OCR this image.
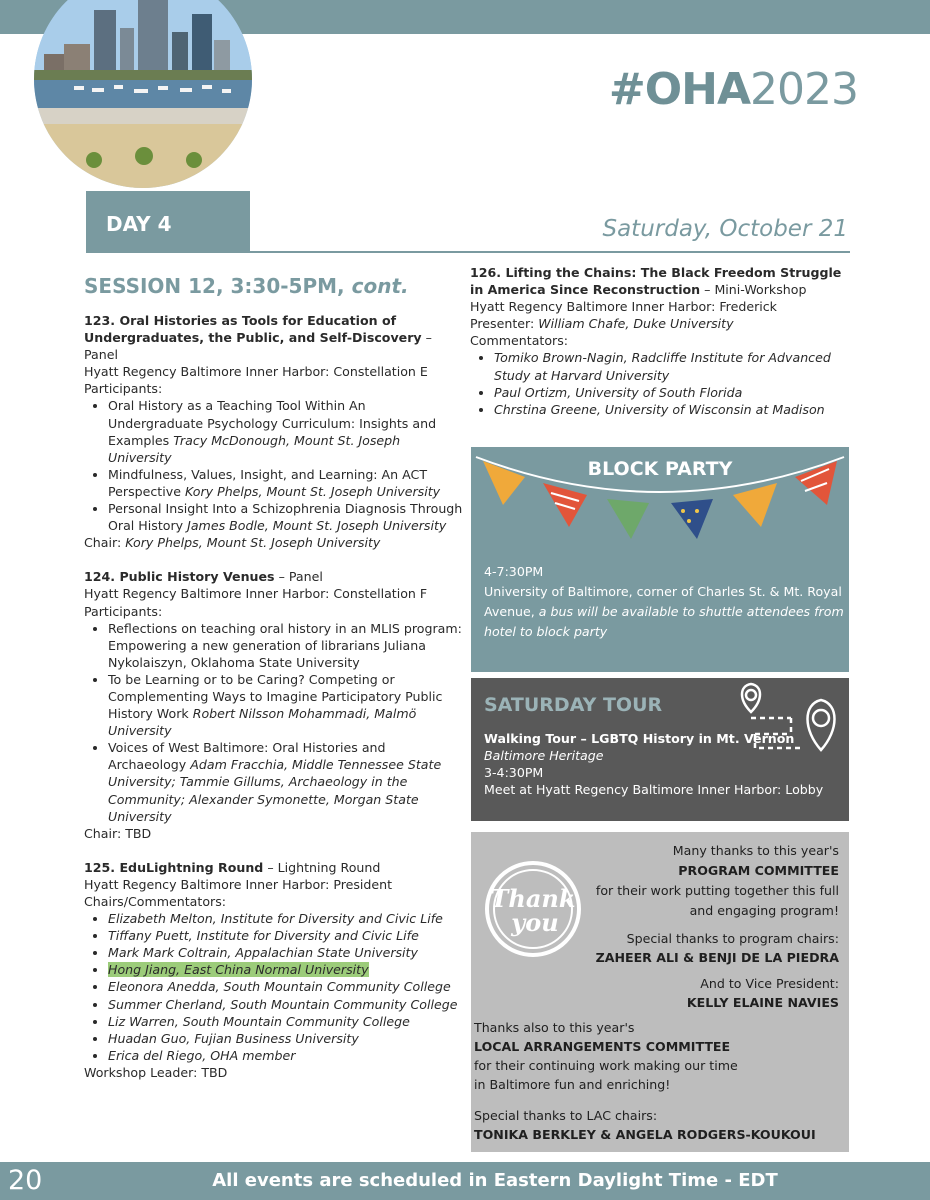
#OHA2023
DAY 4	Saturday, October 21
SESSION 12, 3:30-5PM, cont.

123. Oral Histories as Tools for Education of Undergraduates, the Public, and Self-Discovery – Panel

Hyatt Regency Baltimore Inner Harbor: Constellation E

Participants:

• Oral History as a Teaching Tool Within An Undergraduate Psychology Curriculum: Insights and Examples Tracy McDonough, Mount St. Joseph University
• Mindfulness, Values, Insight, and Learning: An ACT Perspective Kory Phelps, Mount St. Joseph University
• Personal Insight Into a Schizophrenia Diagnosis Through Oral History James Bodle, Mount St. Joseph University

Chair: Kory Phelps, Mount St. Joseph University

124. Public History Venues – Panel

Hyatt Regency Baltimore Inner Harbor: Constellation F

Participants:

• Reflections on teaching oral history in an MLIS program: Empowering a new generation of librarians Juliana Nykolaiszyn, Oklahoma State University
• To be Learning or to be Caring? Competing or Complementing Ways to Imagine Participatory Public History Work Robert Nilsson Mohammadi, Malmö University
• Voices of West Baltimore: Oral Histories and Archaeology Adam Fracchia, Middle Tennessee State University; Tammie Gillums, Archaeology in the Community; Alexander Symonette, Morgan State University

Chair: TBD

125. EduLightning Round – Lightning Round

Hyatt Regency Baltimore Inner Harbor: President

Chairs/Commentators:

• Elizabeth Melton, Institute for Diversity and Civic Life
• Tiffany Puett, Institute for Diversity and Civic Life
• Mark Mark Coltrain, Appalachian State University
• Hong Jiang, East China Normal University
• Eleonora Anedda, South Mountain Community College
• Summer Cherland, South Mountain Community College
• Liz Warren, South Mountain Community College
• Huadan Guo, Fujian Business University
• Erica del Riego, OHA member

Workshop Leader: TBD

126. Lifting the Chains: The Black Freedom Struggle in America Since Reconstruction – Mini-Workshop

Hyatt Regency Baltimore Inner Harbor: Frederick

Presenter: William Chafe, Duke University

Commentators:

• Tomiko Brown-Nagin, Radcliffe Institute for Advanced Study at Harvard University
• Paul Ortizm, University of South Florida
• Chrstina Greene, University of Wisconsin at Madison
BLOCK PARTY
4-7:30PM
University of Baltimore, corner of Charles St. & Mt. Royal Avenue, a bus will be available to shuttle attendees from hotel to block party
SATURDAY TOUR
Walking Tour – LGBTQ History in Mt. Vernon
Baltimore Heritage
3-4:30PM
Meet at Hyatt Regency Baltimore Inner Harbor: Lobby
Thank
you
Many thanks to this year's
PROGRAM COMMITTEE
for their work putting together this full
and engaging program!
Special thanks to program chairs:
ZAHEER ALI & BENJI DE LA PIEDRA
And to Vice President:
KELLY ELAINE NAVIES
Thanks also to this year's
LOCAL ARRANGEMENTS COMMITTEE
for their continuing work making our time
in Baltimore fun and enriching!
Special thanks to LAC chairs:
TONIKA BERKLEY & ANGELA RODGERS-KOUKOUI
20	All events are scheduled in Eastern Daylight Time - EDT
